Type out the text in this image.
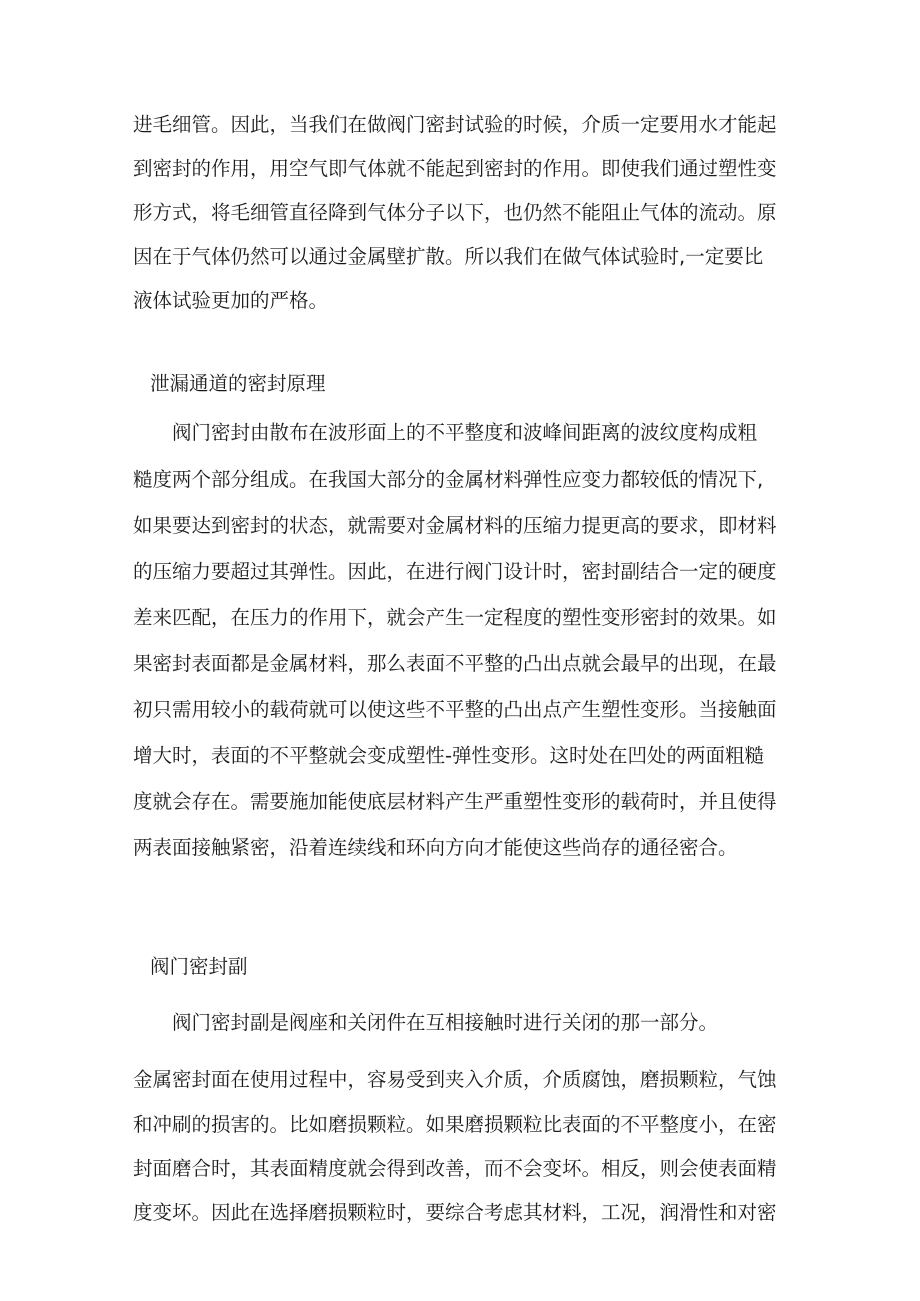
进毛细管。因此，当我们在做阀门密封试验的时候，介质一定要用水才能起

到密封的作用，用空气即气体就不能起到密封的作用。即使我们通过塑性变

形方式，将毛细管直径降到气体分子以下，也仍然不能阻止气体的流动。原

因在于气体仍然可以通过金属壁扩散。所以我们在做气体试验时,一定要比

液体试验更加的严格。

泄漏通道的密封原理

阀门密封由散布在波形面上的不平整度和波峰间距离的波纹度构成粗

糙度两个部分组成。在我国大部分的金属材料弹性应变力都较低的情况下,

如果要达到密封的状态，就需要对金属材料的压缩力提更高的要求，即材料

的压缩力要超过其弹性。因此，在进行阀门设计时，密封副结合一定的硬度

差来匹配，在压力的作用下，就会产生一定程度的塑性变形密封的效果。如

果密封表面都是金属材料，那么表面不平整的凸出点就会最早的出现，在最

初只需用较小的载荷就可以使这些不平整的凸出点产生塑性变形。当接触面

增大时，表面的不平整就会变成塑性-弹性变形。这时处在凹处的两面粗糙

度就会存在。需要施加能使底层材料产生严重塑性变形的载荷时，并且使得

两表面接触紧密，沿着连续线和环向方向才能使这些尚存的通径密合。

阀门密封副

阀门密封副是阀座和关闭件在互相接触时进行关闭的那一部分。

金属密封面在使用过程中，容易受到夹入介质，介质腐蚀，磨损颗粒，气蚀

和冲刷的损害的。比如磨损颗粒。如果磨损颗粒比表面的不平整度小，在密

封面磨合时，其表面精度就会得到改善，而不会变坏。相反，则会使表面精

度变坏。因此在选择磨损颗粒时，要综合考虑其材料，工况，润滑性和对密
